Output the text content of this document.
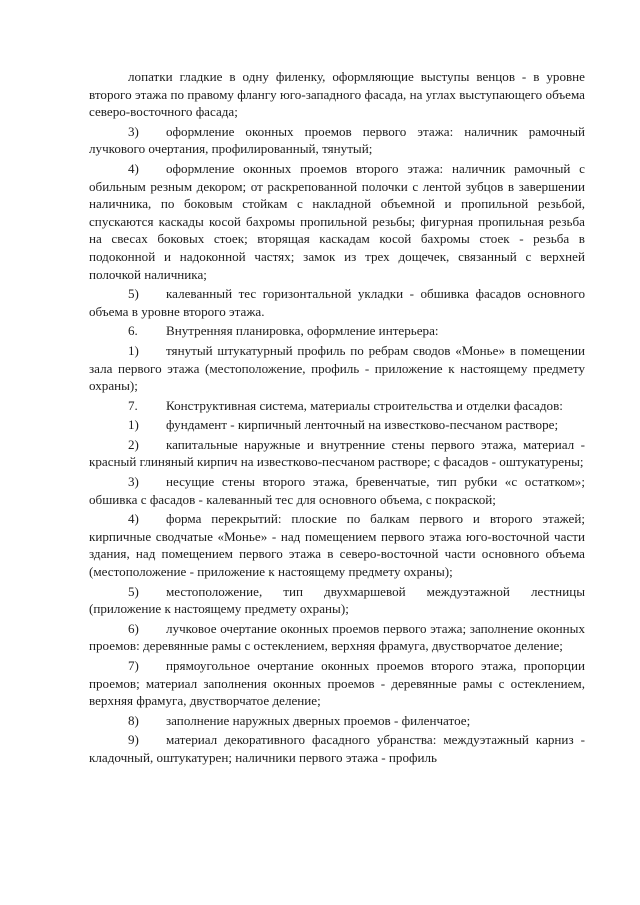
лопатки гладкие в одну филенку, оформляющие выступы венцов - в уровне второго этажа по правому флангу юго-западного фасада, на углах выступающего объема северо-восточного фасада;

3) оформление оконных проемов первого этажа: наличник рамочный лучкового очертания, профилированный, тянутый;

4) оформление оконных проемов второго этажа: наличник рамочный с обильным резным декором; от раскрепованной полочки с лентой зубцов в завершении наличника, по боковым стойкам с накладной объемной и пропильной резьбой, спускаются каскады косой бахромы пропильной резьбы; фигурная пропильная резьба на свесах боковых стоек; вторящая каскадам косой бахромы стоек - резьба в подоконной и надоконной частях; замок из трех дощечек, связанный с верхней полочкой наличника;

5) калеванный тес горизонтальной укладки - обшивка фасадов основного объема в уровне второго этажа.

6. Внутренняя планировка, оформление интерьера:

1) тянутый штукатурный профиль по ребрам сводов «Монье» в помещении зала первого этажа (местоположение, профиль - приложение к настоящему предмету охраны);

7. Конструктивная система, материалы строительства и отделки фасадов:

1) фундамент - кирпичный ленточный на известково-песчаном растворе;

2) капитальные наружные и внутренние стены первого этажа, материал - красный глиняный кирпич на известково-песчаном растворе; с фасадов - оштукатурены;

3) несущие стены второго этажа, бревенчатые, тип рубки «с остатком»; обшивка с фасадов - калеванный тес для основного объема, с покраской;

4) форма перекрытий: плоские по балкам первого и второго этажей; кирпичные сводчатые «Монье» - над помещением первого этажа юго-восточной части здания, над помещением первого этажа в северо-восточной части основного объема (местоположение - приложение к настоящему предмету охраны);

5) местоположение, тип двухмаршевой междуэтажной лестницы (приложение к настоящему предмету охраны);

6) лучковое очертание оконных проемов первого этажа; заполнение оконных проемов: деревянные рамы с остеклением, верхняя фрамуга, двустворчатое деление;

7) прямоугольное очертание оконных проемов второго этажа, пропорции проемов; материал заполнения оконных проемов - деревянные рамы с остеклением, верхняя фрамуга, двустворчатое деление;

8) заполнение наружных дверных проемов - филенчатое;

9) материал декоративного фасадного убранства: междуэтажный карниз - кладочный, оштукатурен; наличники первого этажа - профиль
